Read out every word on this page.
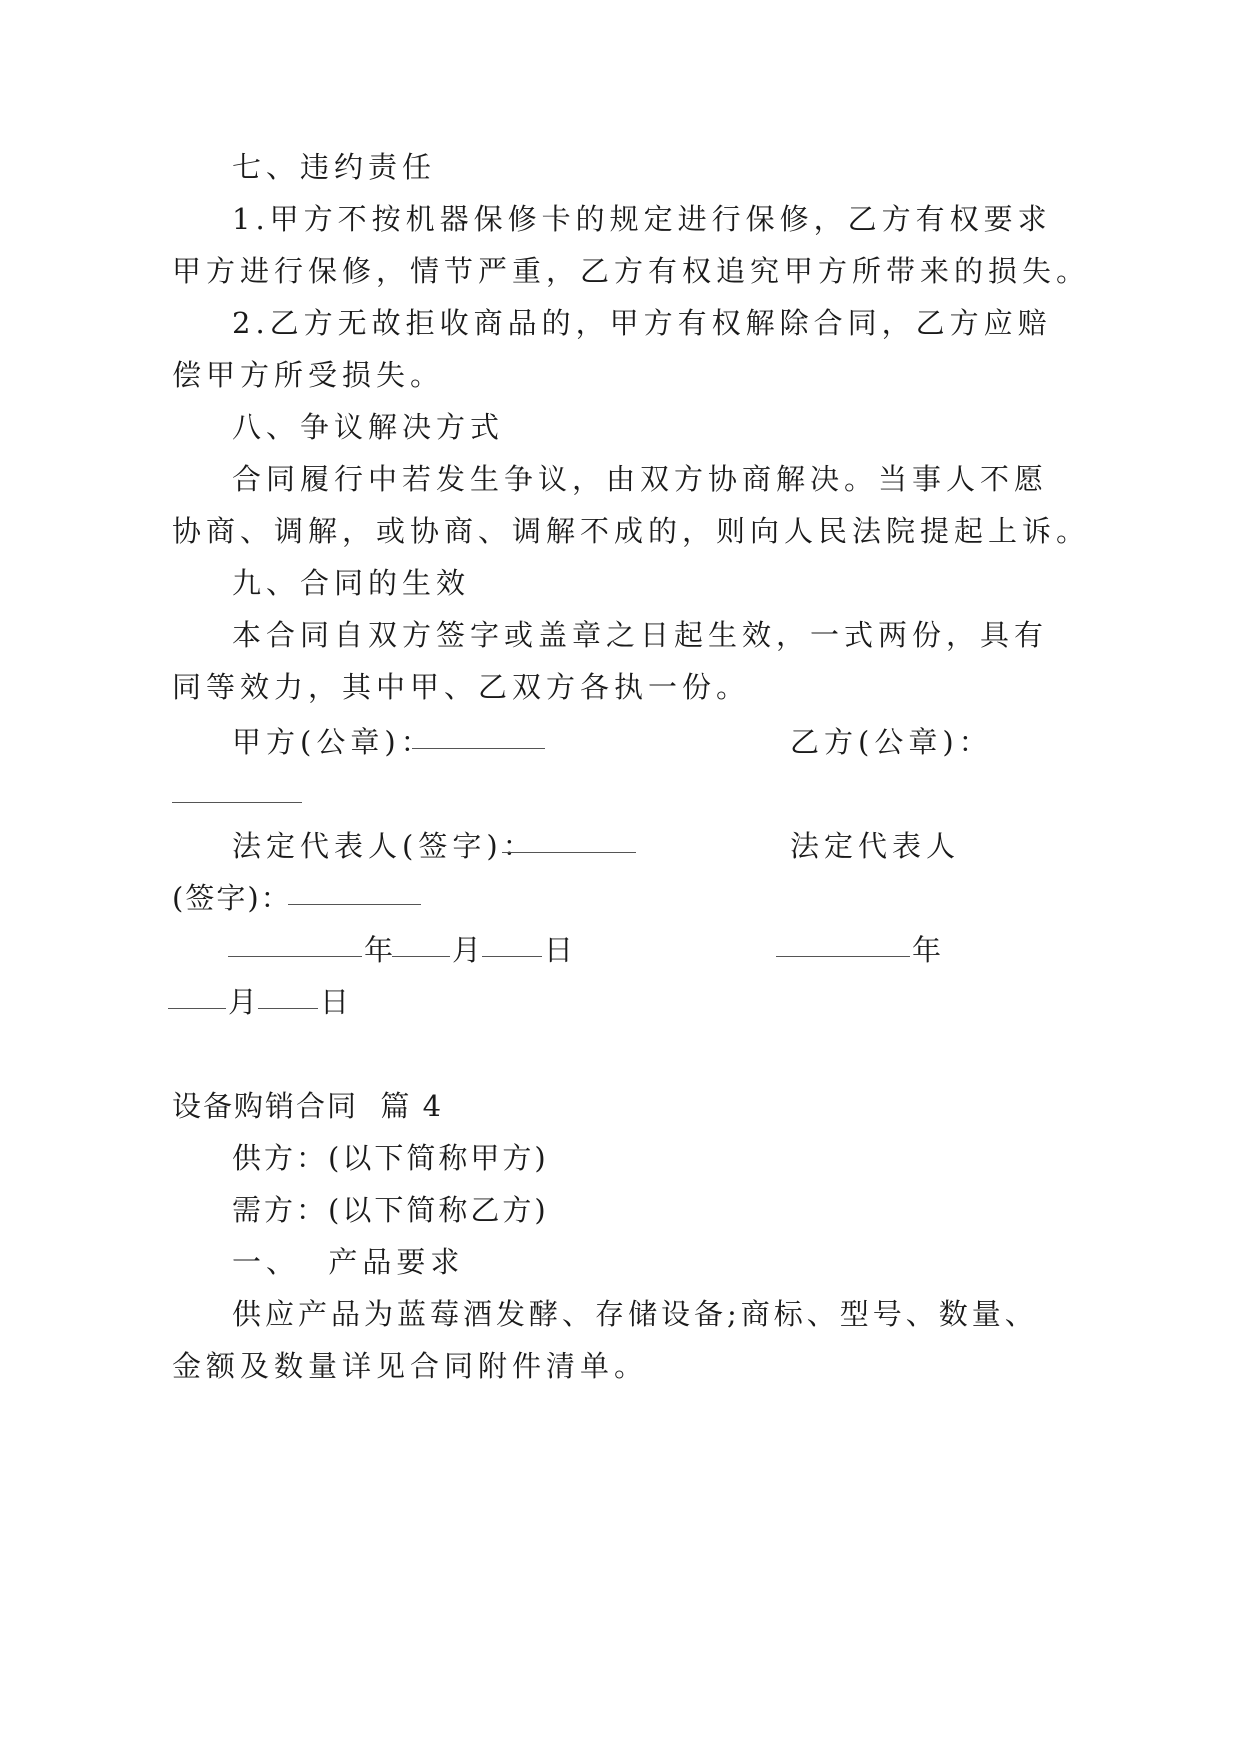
七、违约责任
1.甲方不按机器保修卡的规定进行保修，乙方有权要求
甲方进行保修，情节严重，乙方有权追究甲方所带来的损失。
2.乙方无故拒收商品的，甲方有权解除合同，乙方应赔
偿甲方所受损失。
八、争议解决方式
合同履行中若发生争议，由双方协商解决。当事人不愿
协商、调解，或协商、调解不成的，则向人民法院提起上诉。
九、合同的生效
本合同自双方签字或盖章之日起生效，一式两份，具有
同等效力，其中甲、乙双方各执一份。
甲方(公章)：	乙方(公章)：
法定代表人(签字)：	法定代表人
(签字)：
年 月 日	年
月 日
设备购销合同  篇 4
供方：(以下简称甲方)
需方：(以下简称乙方)
一、  产品要求
供应产品为蓝莓酒发酵、存储设备;商标、型号、数量、
金额及数量详见合同附件清单。
